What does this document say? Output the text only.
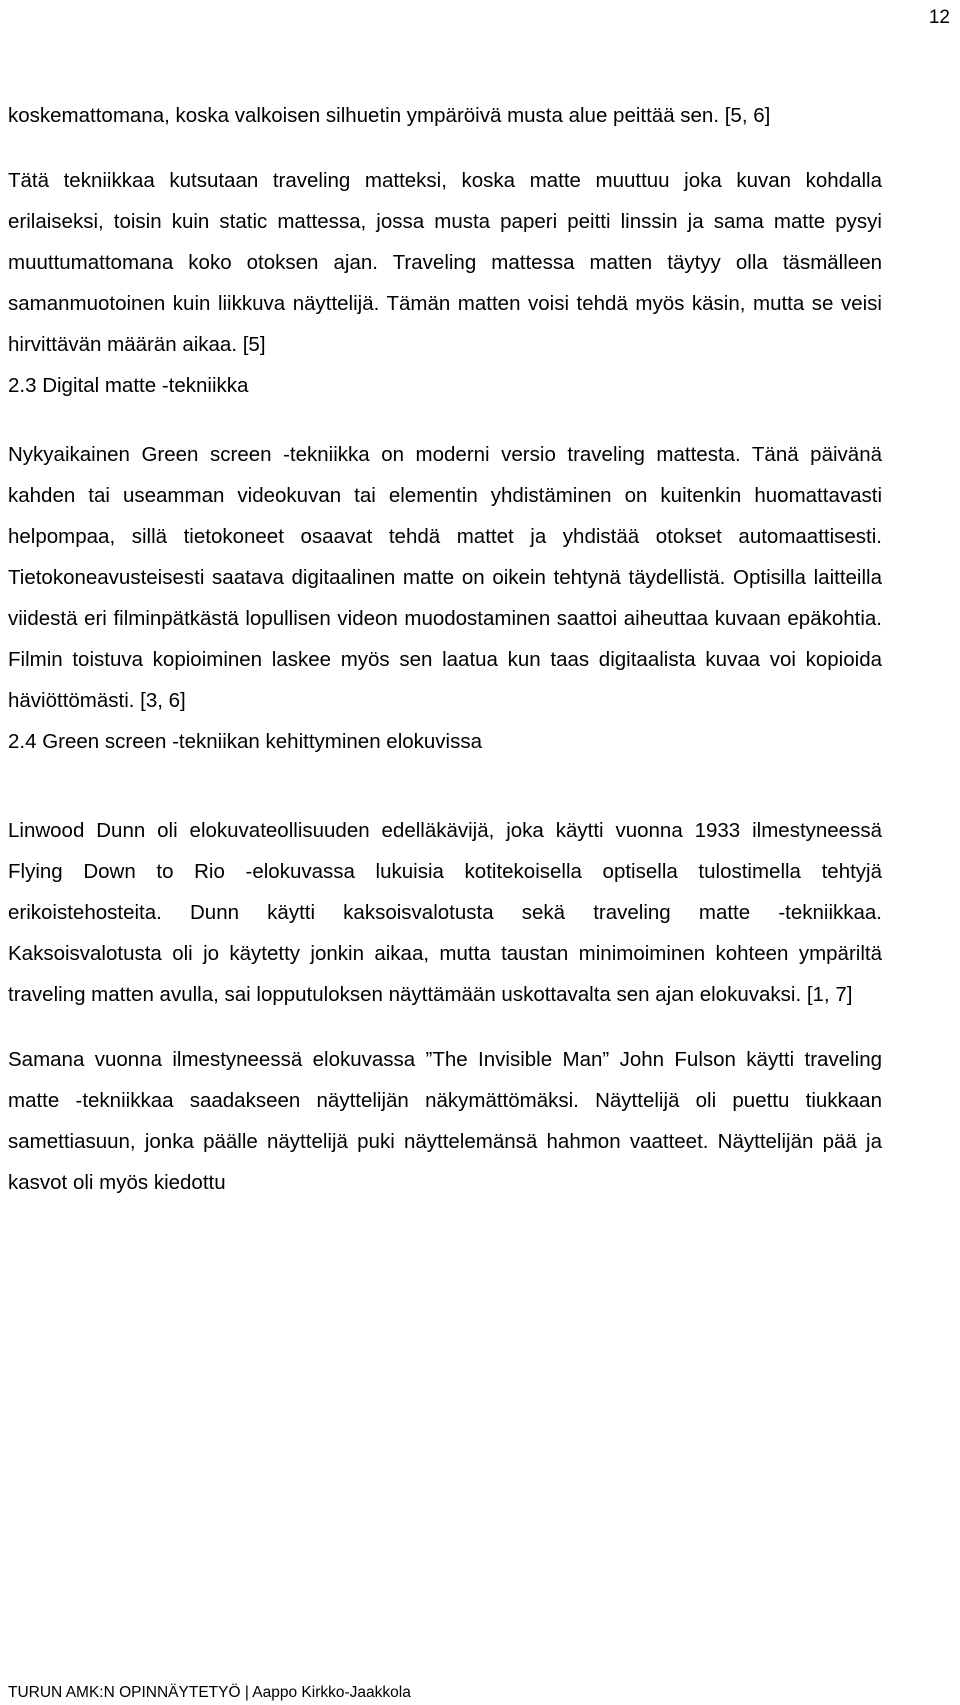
12

koskemattomana, koska valkoisen silhuetin ympäröivä musta alue peittää sen. [5, 6]

Tätä tekniikkaa kutsutaan traveling matteksi, koska matte muuttuu joka kuvan kohdalla erilaiseksi, toisin kuin static mattessa, jossa musta paperi peitti linssin ja sama matte pysyi muuttumattomana koko otoksen ajan. Traveling mattessa matten täytyy olla täsmälleen samanmuotoinen kuin liikkuva näyttelijä. Tämän matten voisi tehdä myös käsin, mutta se veisi hirvittävän määrän aikaa. [5]

2.3 Digital matte -tekniikka

Nykyaikainen Green screen -tekniikka on moderni versio traveling mattesta. Tänä päivänä kahden tai useamman videokuvan tai elementin yhdistäminen on kuitenkin huomattavasti helpompaa, sillä tietokoneet osaavat tehdä mattet ja yhdistää otokset automaattisesti. Tietokoneavusteisesti saatava digitaalinen matte on oikein tehtynä täydellistä. Optisilla laitteilla viidestä eri filminpätkästä lopullisen videon muodostaminen saattoi aiheuttaa kuvaan epäkohtia. Filmin toistuva kopioiminen laskee myös sen laatua kun taas digitaalista kuvaa voi kopioida häviöttömästi. [3, 6]

2.4 Green screen -tekniikan kehittyminen elokuvissa

Linwood Dunn oli elokuvateollisuuden edelläkävijä, joka käytti vuonna 1933 ilmestyneessä Flying Down to Rio -elokuvassa lukuisia kotitekoisella optisella tulostimella tehtyjä erikoistehosteita. Dunn käytti kaksoisvalotusta sekä traveling matte -tekniikkaa. Kaksoisvalotusta oli jo käytetty jonkin aikaa, mutta taustan minimoiminen kohteen ympäriltä traveling matten avulla, sai lopputuloksen näyttämään uskottavalta sen ajan elokuvaksi. [1, 7]

Samana vuonna ilmestyneessä elokuvassa ”The Invisible Man” John Fulson käytti traveling matte -tekniikkaa saadakseen näyttelijän näkymättömäksi. Näyttelijä oli puettu tiukkaan samettiasuun, jonka päälle näyttelijä puki näyttelemänsä hahmon vaatteet. Näyttelijän pää ja kasvot oli myös kiedottu

TURUN AMK:N OPINNÄYTETYÖ | Aappo Kirkko-Jaakkola
